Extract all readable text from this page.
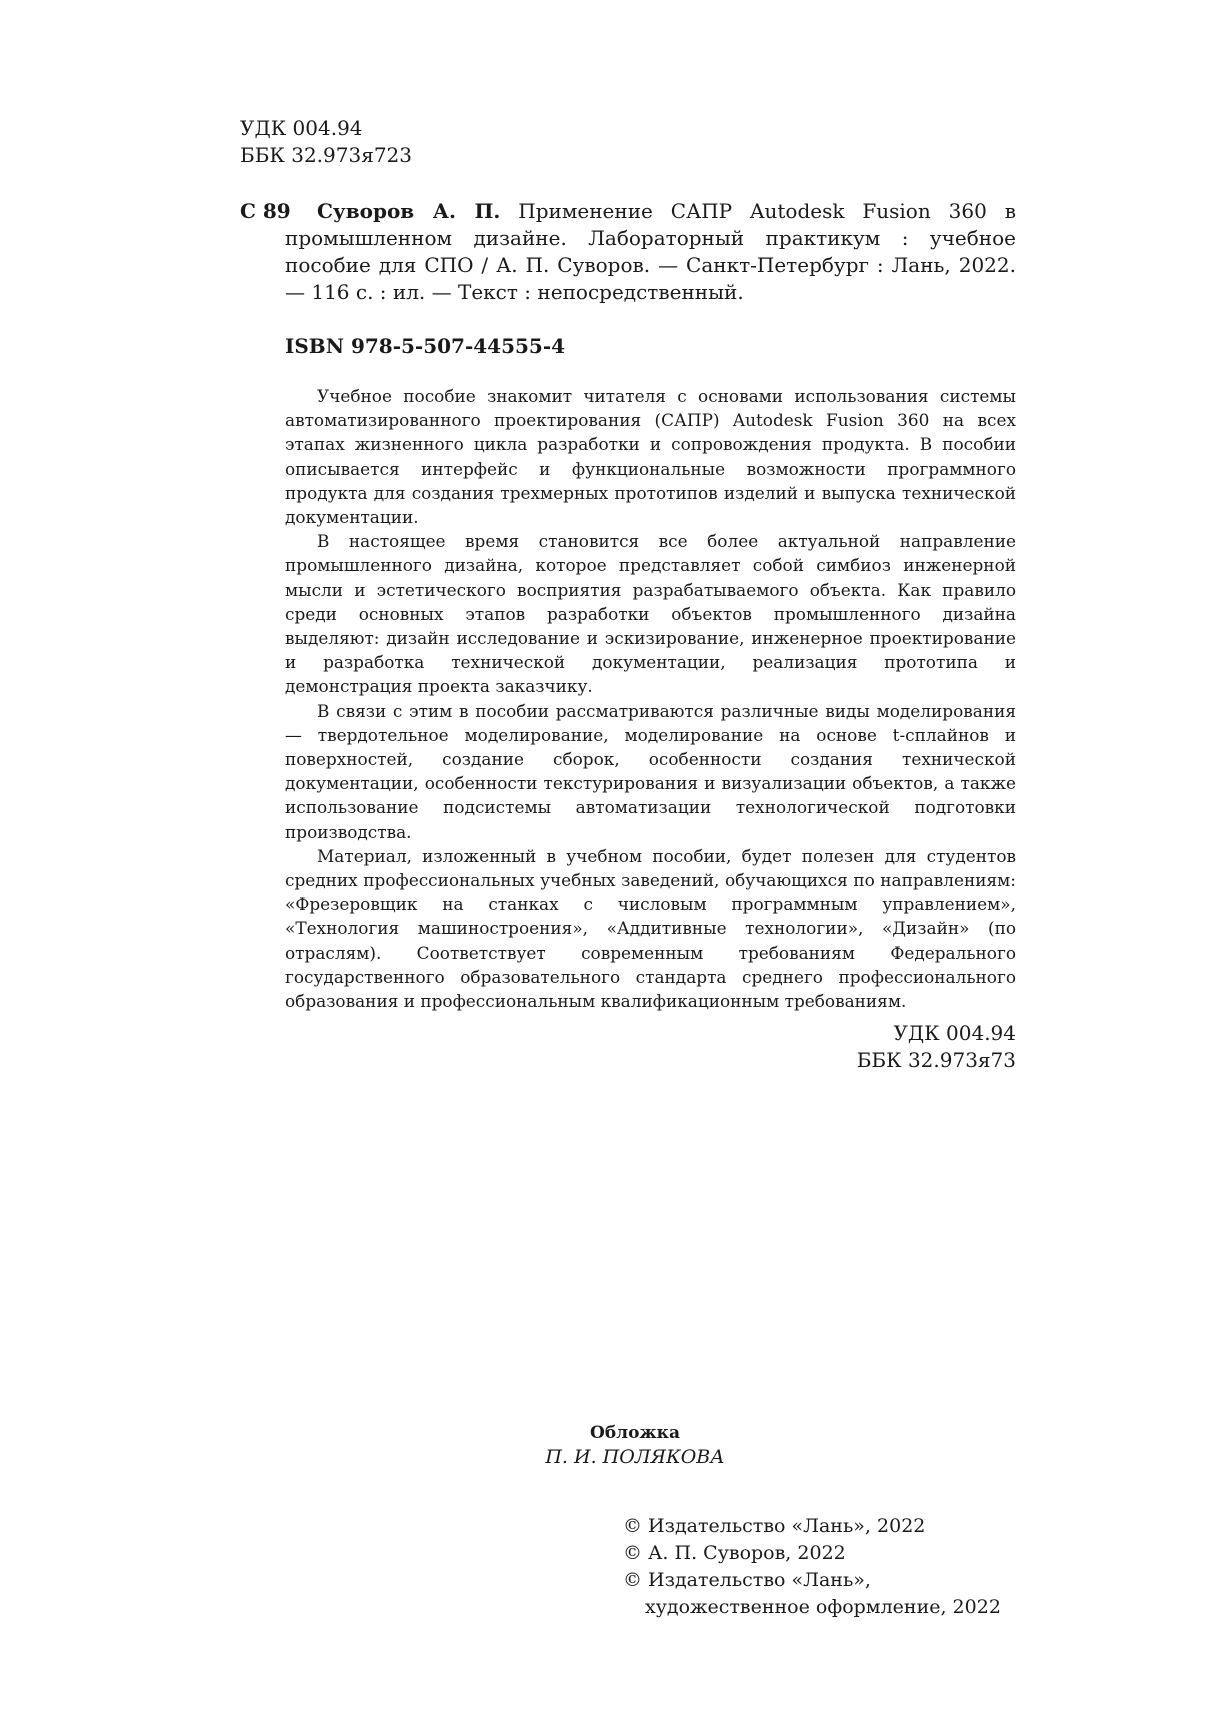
УДК 004.94
ББК 32.973я723
С 89	Суворов А. П. Применение САПР Autodesk Fusion 360 в промышленном дизайне. Лабораторный практикум : учебное пособие для СПО / А. П. Суворов. — Санкт-Петербург : Лань, 2022. — 116 с. : ил. — Текст : непосредственный.
ISBN 978-5-507-44555-4

Учебное пособие знакомит читателя с основами использования системы автоматизированного проектирования (САПР) Autodesk Fusion 360 на всех этапах жизненного цикла разработки и сопровождения продукта. В пособии описывается интерфейс и функциональные возможности программного продукта для создания трехмерных прототипов изделий и выпуска технической документации.

В настоящее время становится все более актуальной направление промышленного дизайна, которое представляет собой симбиоз инженерной мысли и эстетического восприятия разрабатываемого объекта. Как правило среди основных этапов разработки объектов промышленного дизайна выделяют: дизайн исследование и эскизирование, инженерное проектирование и разработка технической документации, реализация прототипа и демонстрация проекта заказчику.

В связи с этим в пособии рассматриваются различные виды моделирования — твердотельное моделирование, моделирование на основе t-сплайнов и поверхностей, создание сборок, особенности создания технической документации, особенности текстурирования и визуализации объектов, а также использование подсистемы автоматизации технологической подготовки производства.

Материал, изложенный в учебном пособии, будет полезен для студентов средних профессиональных учебных заведений, обучающихся по направлениям: «Фрезеровщик на станках с числовым программным управлением», «Технология машиностроения», «Аддитивные технологии», «Дизайн» (по отраслям). Соответствует современным требованиям Федерального государственного образовательного стандарта среднего профессионального образования и профессиональным квалификационным требованиям.

УДК 004.94
ББК 32.973я73
Обложка
П. И. ПОЛЯКОВА
© Издательство «Лань», 2022
© А. П. Суворов, 2022
© Издательство «Лань»,
художественное оформление, 2022
